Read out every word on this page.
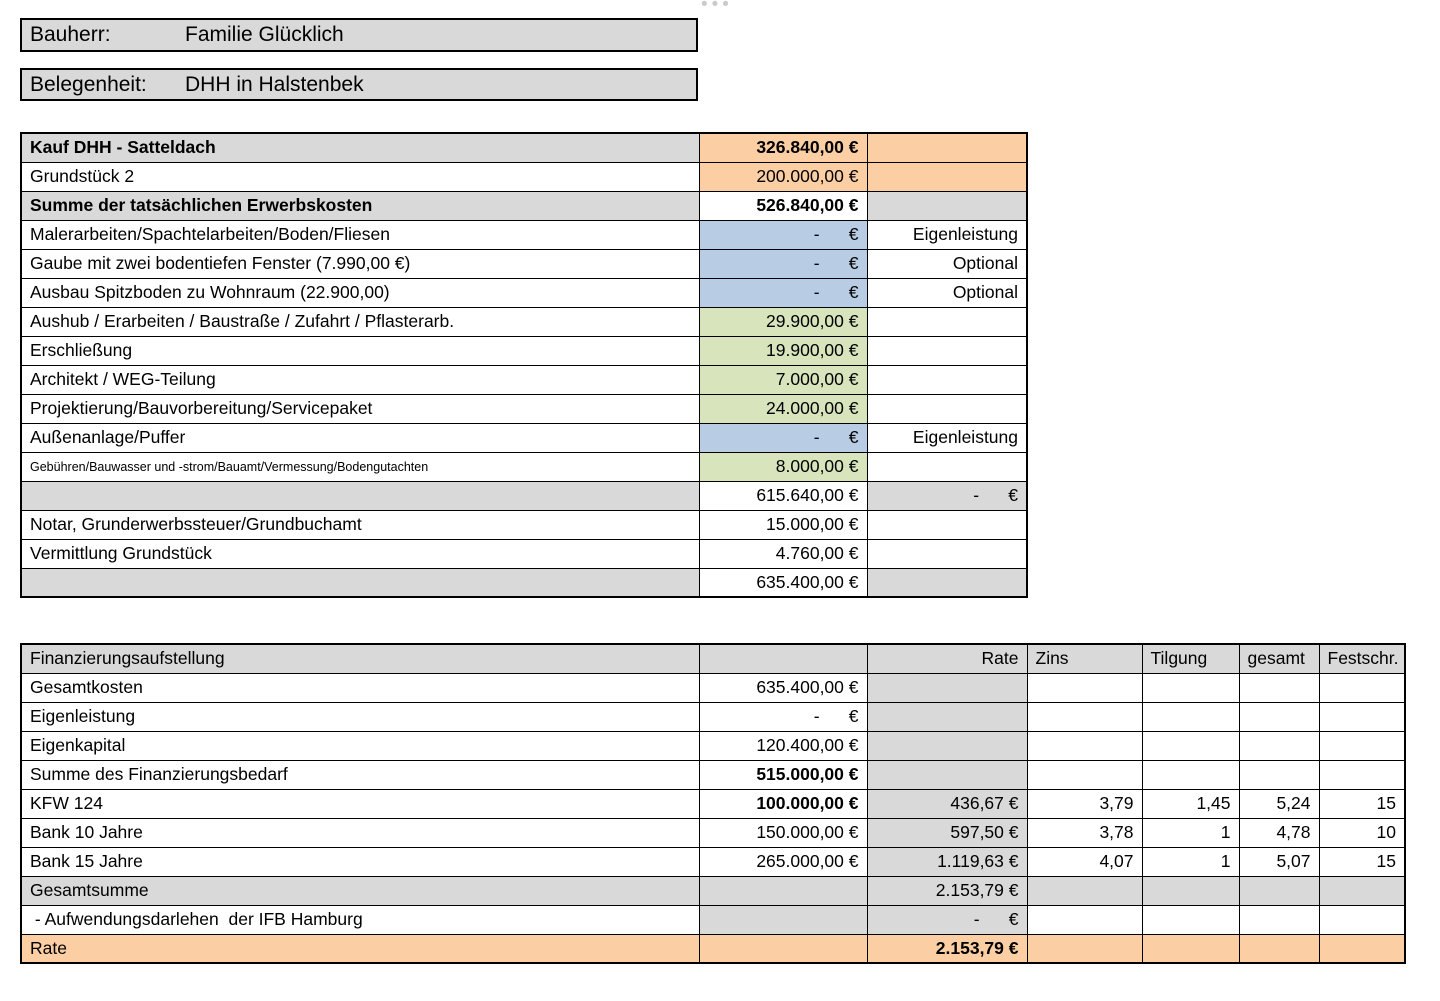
•••
Bauherr:	Familie Glücklich
Belegenheit:	DHH in Halstenbek
Kauf DHH - Satteldach	326.840,00 €	
Grundstück 2	200.000,00 €	
Summe der tatsächlichen Erwerbskosten	526.840,00 €	
Malerarbeiten/Spachtelarbeiten/Boden/Fliesen	-      €	Eigenleistung
Gaube mit zwei bodentiefen Fenster (7.990,00 €)	-      €	Optional
Ausbau Spitzboden zu Wohnraum (22.900,00)	-      €	Optional
Aushub / Erarbeiten / Baustraße / Zufahrt / Pflasterarb.	29.900,00 €	
Erschließung	19.900,00 €	
Architekt / WEG-Teilung	7.000,00 €	
Projektierung/Bauvorbereitung/Servicepaket	24.000,00 €	
Außenanlage/Puffer	-      €	Eigenleistung
Gebühren/Bauwasser und -strom/Bauamt/Vermessung/Bodengutachten	8.000,00 €	
	615.640,00 €	-      €
Notar, Grunderwerbssteuer/Grundbuchamt	15.000,00 €	
Vermittlung Grundstück	4.760,00 €	
	635.400,00 €	
Finanzierungsaufstellung		Rate	Zins	Tilgung	gesamt	Festschr.
Gesamtkosten	635.400,00 €					
Eigenleistung	-      €					
Eigenkapital	120.400,00 €					
Summe des Finanzierungsbedarf	515.000,00 €					
KFW 124	100.000,00 €	436,67 €	3,79	1,45	5,24	15
Bank 10 Jahre	150.000,00 €	597,50 €	3,78	1	4,78	10
Bank 15 Jahre	265.000,00 €	1.119,63 €	4,07	1	5,07	15
Gesamtsumme		2.153,79 €				
- Aufwendungsdarlehen  der IFB Hamburg		-      €				
Rate		2.153,79 €				
